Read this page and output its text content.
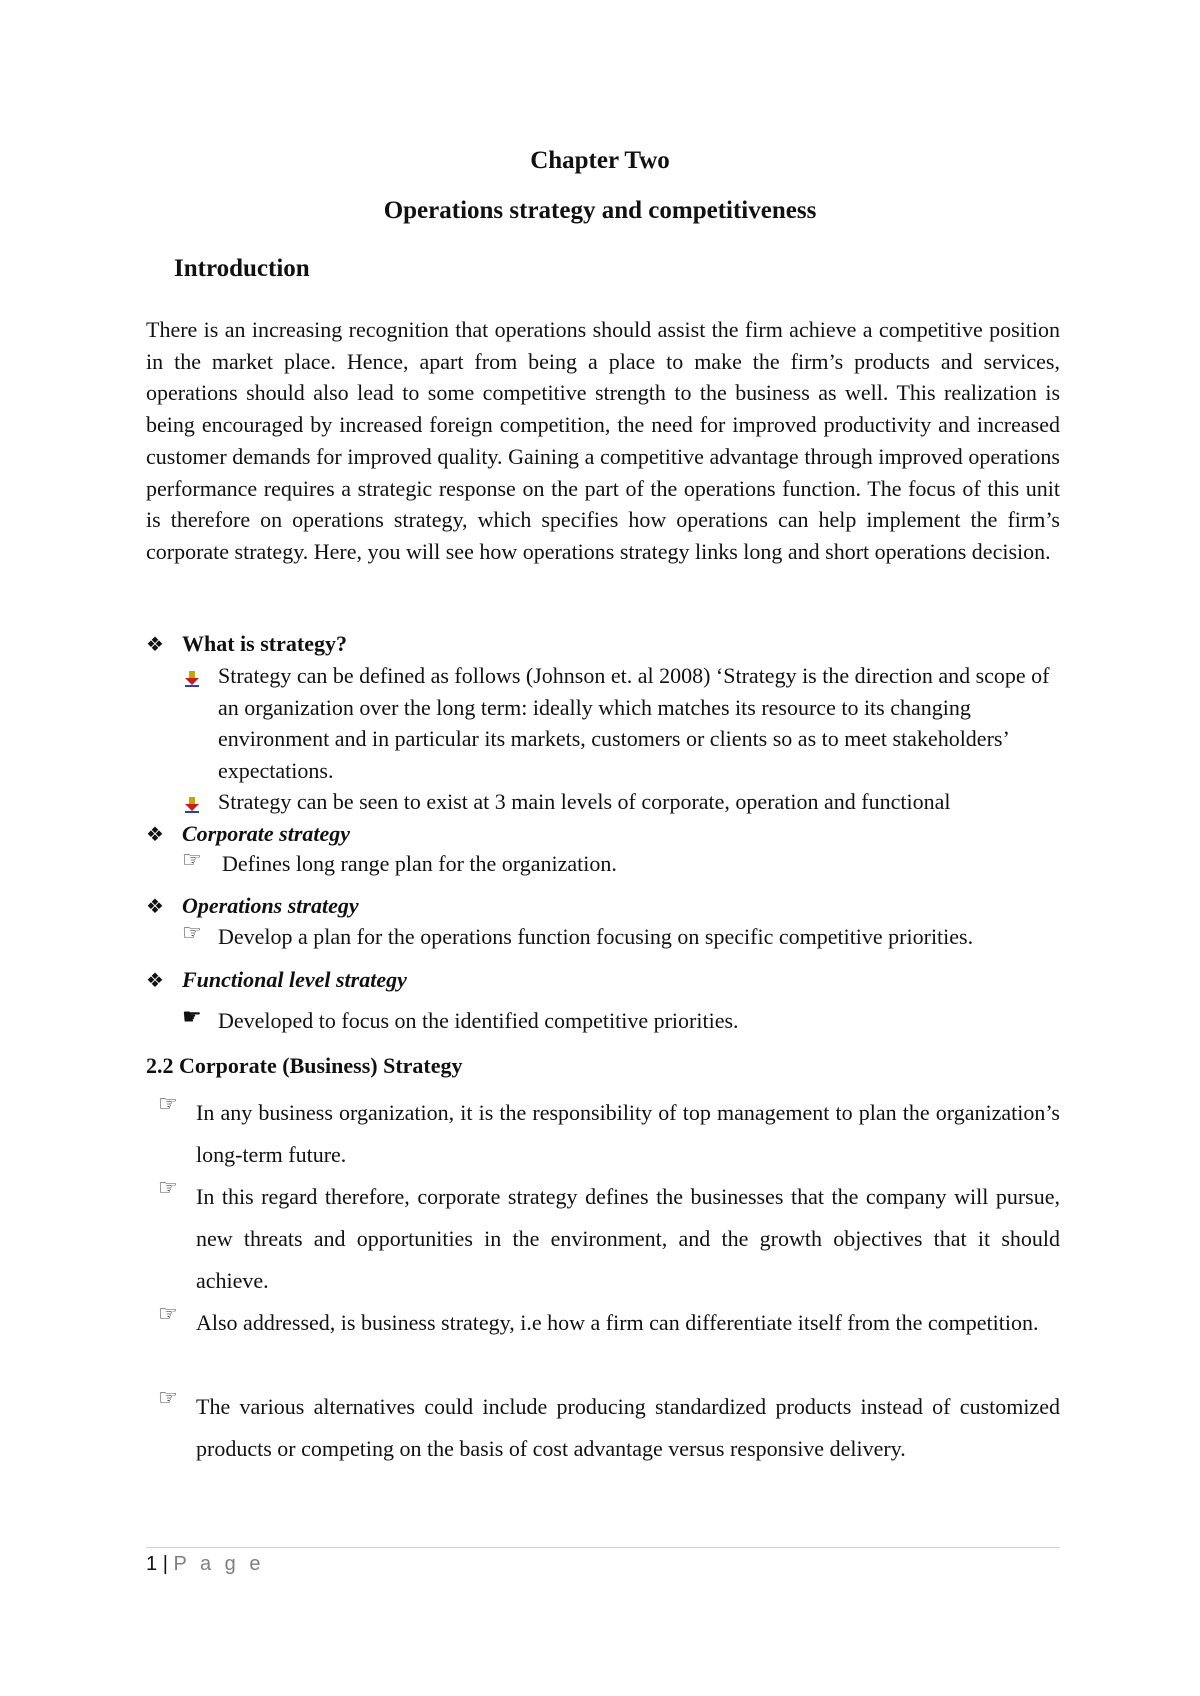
Chapter Two
Operations strategy and competitiveness
Introduction
There is an increasing recognition that operations should assist the firm achieve a competitive position in the market place. Hence, apart from being a place to make the firm’s products and services, operations should also lead to some competitive strength to the business as well. This realization is being encouraged by increased foreign competition, the need for improved productivity and increased customer demands for improved quality. Gaining a competitive advantage through improved operations performance requires a strategic response on the part of the operations function. The focus of this unit is therefore on operations strategy, which specifies how operations can help implement the firm’s corporate strategy. Here, you will see how operations strategy links long and short operations decision.
❖ What is strategy?
Strategy can be defined as follows (Johnson et. al 2008) ‘Strategy is the direction and scope of an organization over the long term: ideally which matches its resource to its changing environment and in particular its markets, customers or clients so as to meet stakeholders’ expectations.
Strategy can be seen to exist at 3 main levels of corporate, operation and functional
❖ Corporate strategy
☞ Defines long range plan for the organization.
❖ Operations strategy
☞ Develop a plan for the operations function focusing on specific competitive priorities.
❖ Functional level strategy
☛ Developed to focus on the identified competitive priorities.
2.2 Corporate (Business) Strategy
☞ In any business organization, it is the responsibility of top management to plan the organization’s long-term future.
☞ In this regard therefore, corporate strategy defines the businesses that the company will pursue, new threats and opportunities in the environment, and the growth objectives that it should achieve.
☞ Also addressed, is business strategy, i.e how a firm can differentiate itself from the competition.
☞ The various alternatives could include producing standardized products instead of customized products or competing on the basis of cost advantage versus responsive delivery.
1 | P a g e
